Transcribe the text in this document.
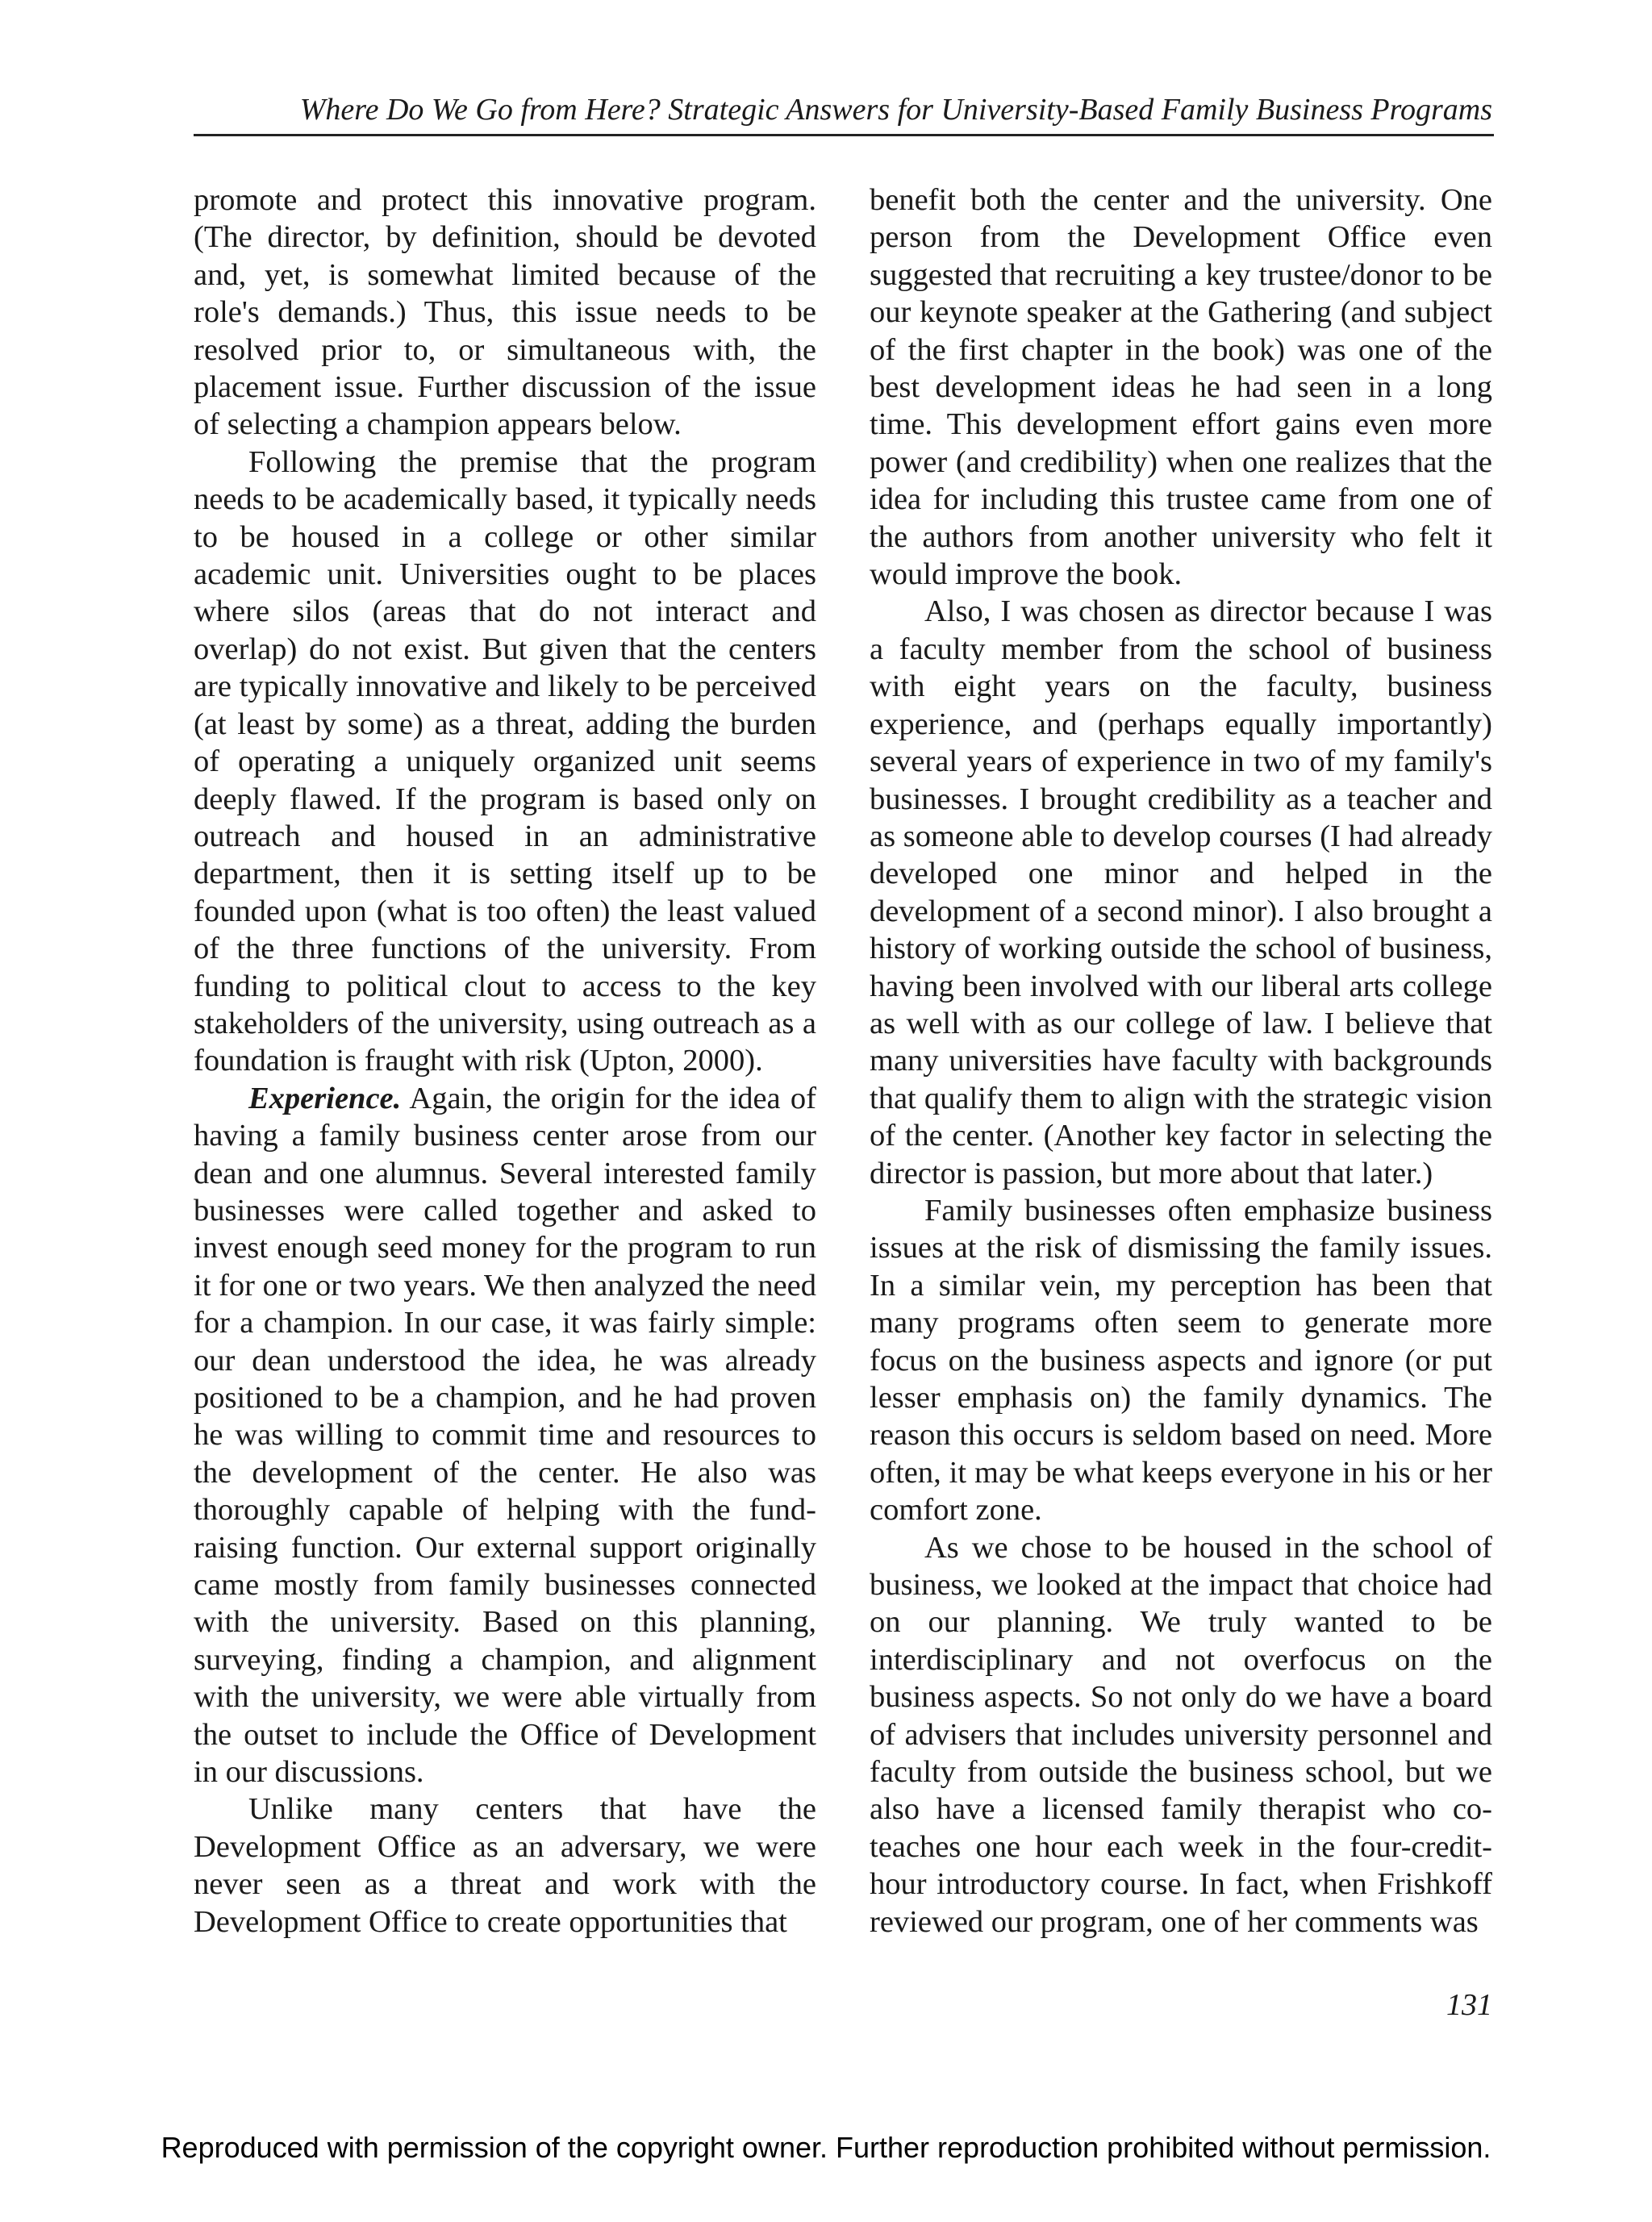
Where Do We Go from Here? Strategic Answers for University-Based Family Business Programs

promote and protect this innovative program. (The director, by definition, should be devoted and, yet, is somewhat limited because of the role's demands.) Thus, this issue needs to be resolved prior to, or simultaneous with, the placement issue. Further discussion of the issue of selecting a champion appears below.

Following the premise that the program needs to be academically based, it typically needs to be housed in a college or other similar academic unit. Universities ought to be places where silos (areas that do not interact and overlap) do not exist. But given that the centers are typically innovative and likely to be perceived (at least by some) as a threat, adding the burden of operating a uniquely organized unit seems deeply flawed. If the program is based only on outreach and housed in an administrative department, then it is setting itself up to be founded upon (what is too often) the least valued of the three functions of the university. From funding to political clout to access to the key stakeholders of the university, using outreach as a foundation is fraught with risk (Upton, 2000).

Experience. Again, the origin for the idea of having a family business center arose from our dean and one alumnus. Several interested family businesses were called together and asked to invest enough seed money for the program to run it for one or two years. We then analyzed the need for a champion. In our case, it was fairly simple: our dean understood the idea, he was already positioned to be a champion, and he had proven he was willing to commit time and resources to the development of the center. He also was thoroughly capable of helping with the fund-raising function. Our external support originally came mostly from family businesses connected with the university. Based on this planning, surveying, finding a champion, and alignment with the university, we were able virtually from the outset to include the Office of Development in our discussions.

Unlike many centers that have the Development Office as an adversary, we were never seen as a threat and work with the Development Office to create opportunities that

benefit both the center and the university. One person from the Development Office even suggested that recruiting a key trustee/donor to be our keynote speaker at the Gathering (and subject of the first chapter in the book) was one of the best development ideas he had seen in a long time. This development effort gains even more power (and credibility) when one realizes that the idea for including this trustee came from one of the authors from another university who felt it would improve the book.

Also, I was chosen as director because I was a faculty member from the school of business with eight years on the faculty, business experience, and (perhaps equally importantly) several years of experience in two of my family's businesses. I brought credibility as a teacher and as someone able to develop courses (I had already developed one minor and helped in the development of a second minor). I also brought a history of working outside the school of business, having been involved with our liberal arts college as well with as our college of law. I believe that many universities have faculty with backgrounds that qualify them to align with the strategic vision of the center. (Another key factor in selecting the director is passion, but more about that later.)

Family businesses often emphasize business issues at the risk of dismissing the family issues. In a similar vein, my perception has been that many programs often seem to generate more focus on the business aspects and ignore (or put lesser emphasis on) the family dynamics. The reason this occurs is seldom based on need. More often, it may be what keeps everyone in his or her comfort zone.

As we chose to be housed in the school of business, we looked at the impact that choice had on our planning. We truly wanted to be interdisciplinary and not overfocus on the business aspects. So not only do we have a board of advisers that includes university personnel and faculty from outside the business school, but we also have a licensed family therapist who co-teaches one hour each week in the four-credit-hour introductory course. In fact, when Frishkoff reviewed our program, one of her comments was

131
Reproduced with permission of the copyright owner. Further reproduction prohibited without permission.
